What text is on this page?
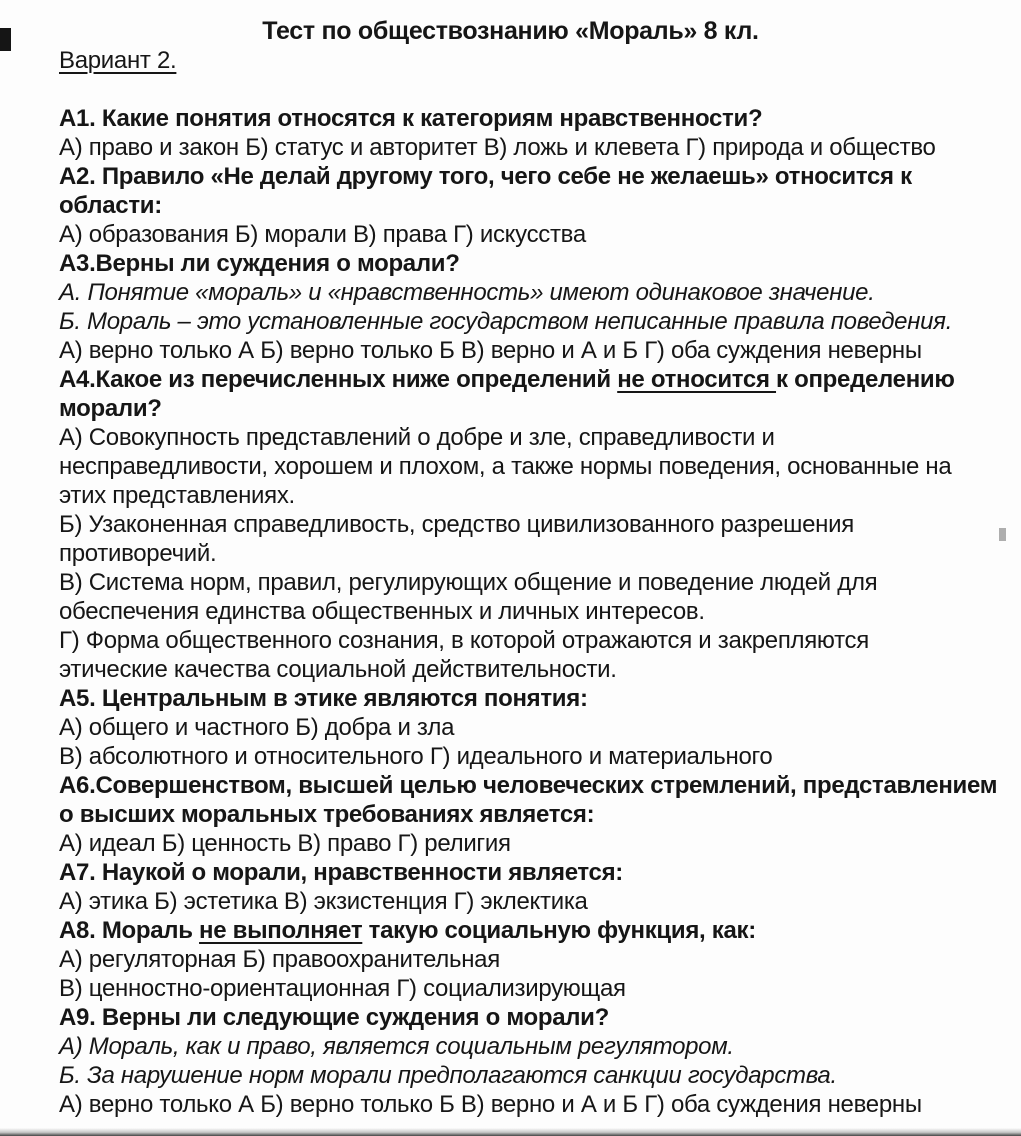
Тест по обществознанию «Мораль» 8 кл.
Вариант 2.
А1. Какие понятия относятся к категориям нравственности?
А) право и закон Б) статус и авторитет В) ложь и клевета Г) природа и общество
А2. Правило «Не делай другому того, чего себе не желаешь» относится к
области:
А) образования Б) морали В) права Г) искусства
А3.Верны ли суждения о морали?
А. Понятие «мораль» и «нравственность» имеют одинаковое значение.
Б. Мораль – это установленные государством неписанные правила поведения.
А) верно только А Б) верно только Б В) верно и А и Б Г) оба суждения неверны
А4.Какое из перечисленных ниже определений не относится к определению
морали?
А) Совокупность представлений о добре и зле, справедливости и
несправедливости, хорошем и плохом, а также нормы поведения, основанные на
этих представлениях.
Б) Узаконенная справедливость, средство цивилизованного разрешения
противоречий.
В) Система норм, правил, регулирующих общение и поведение людей для
обеспечения единства общественных и личных интересов.
Г) Форма общественного сознания, в которой отражаются и закрепляются
этические качества социальной действительности.
А5. Центральным в этике являются понятия:
А) общего и частного Б) добра и зла
В) абсолютного и относительного Г) идеального и материального
А6.Совершенством, высшей целью человеческих стремлений, представлением
о высших моральных требованиях является:
А) идеал Б) ценность В) право Г) религия
А7. Наукой о морали, нравственности является:
А) этика Б) эстетика В) экзистенция Г) эклектика
А8. Мораль не выполняет такую социальную функция, как:
А) регуляторная Б) правоохранительная
В) ценностно-ориентационная Г) социализирующая
А9. Верны ли следующие суждения о морали?
А) Мораль, как и право, является социальным регулятором.
Б. За нарушение норм морали предполагаются санкции государства.
А) верно только А Б) верно только Б В) верно и А и Б Г) оба суждения неверны
